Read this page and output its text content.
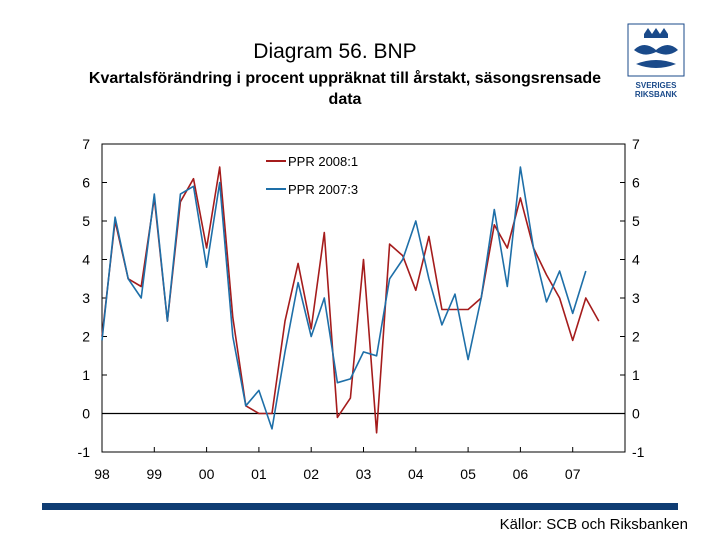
Diagram 56. BNP
Kvartalsförändring i procent uppräknat till årstakt, säsongsrensade
data
SVERIGES
RIKSBANK
-1	-1
0	0
1	1
2	2
3	3
4	4
5	5
6	6
7	7
98	99	00	01	02	03	04	05	06	07
PPR 2008:1
PPR 2007:3
Källor: SCB och Riksbanken
